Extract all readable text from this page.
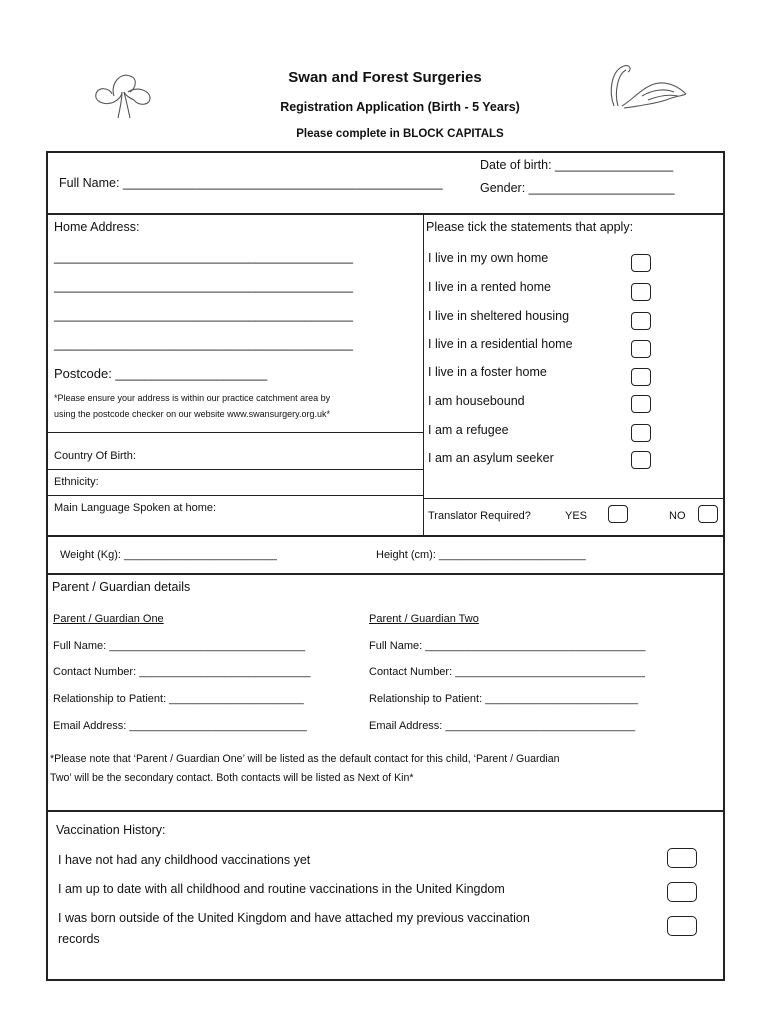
Swan and Forest Surgeries
Registration Application (Birth - 5 Years)
Please complete in BLOCK CAPITALS
Full Name: ______________________________________________
Date of birth: _________________
Gender: _____________________
Home Address:
___________________________________________
___________________________________________
___________________________________________
___________________________________________
Postcode: _____________________
*Please ensure your address is within our practice catchment area by
using the postcode checker on our website www.swansurgery.org.uk*
Country Of Birth:
Ethnicity:
Main Language Spoken at home:
Please tick the statements that apply:
I live in my own home
I live in a rented home
I live in sheltered housing
I live in a residential home
I live in a foster home
I am housebound
I am a refugee
I am an asylum seeker
Translator Required?	YES	NO
Weight (Kg): _________________________	Height (cm): ________________________
Parent / Guardian details
Parent / Guardian One
Full Name: ________________________________
Contact Number: ____________________________
Relationship to Patient: ______________________
Email Address: _____________________________
Parent / Guardian Two
Full Name: ____________________________________
Contact Number: _______________________________
Relationship to Patient: _________________________
Email Address: _______________________________
*Please note that ‘Parent / Guardian One’ will be listed as the default contact for this child, ‘Parent / Guardian
Two’ will be the secondary contact. Both contacts will be listed as Next of Kin*
Vaccination History:
I have not had any childhood vaccinations yet
I am up to date with all childhood and routine vaccinations in the United Kingdom
I was born outside of the United Kingdom and have attached my previous vaccination
records
